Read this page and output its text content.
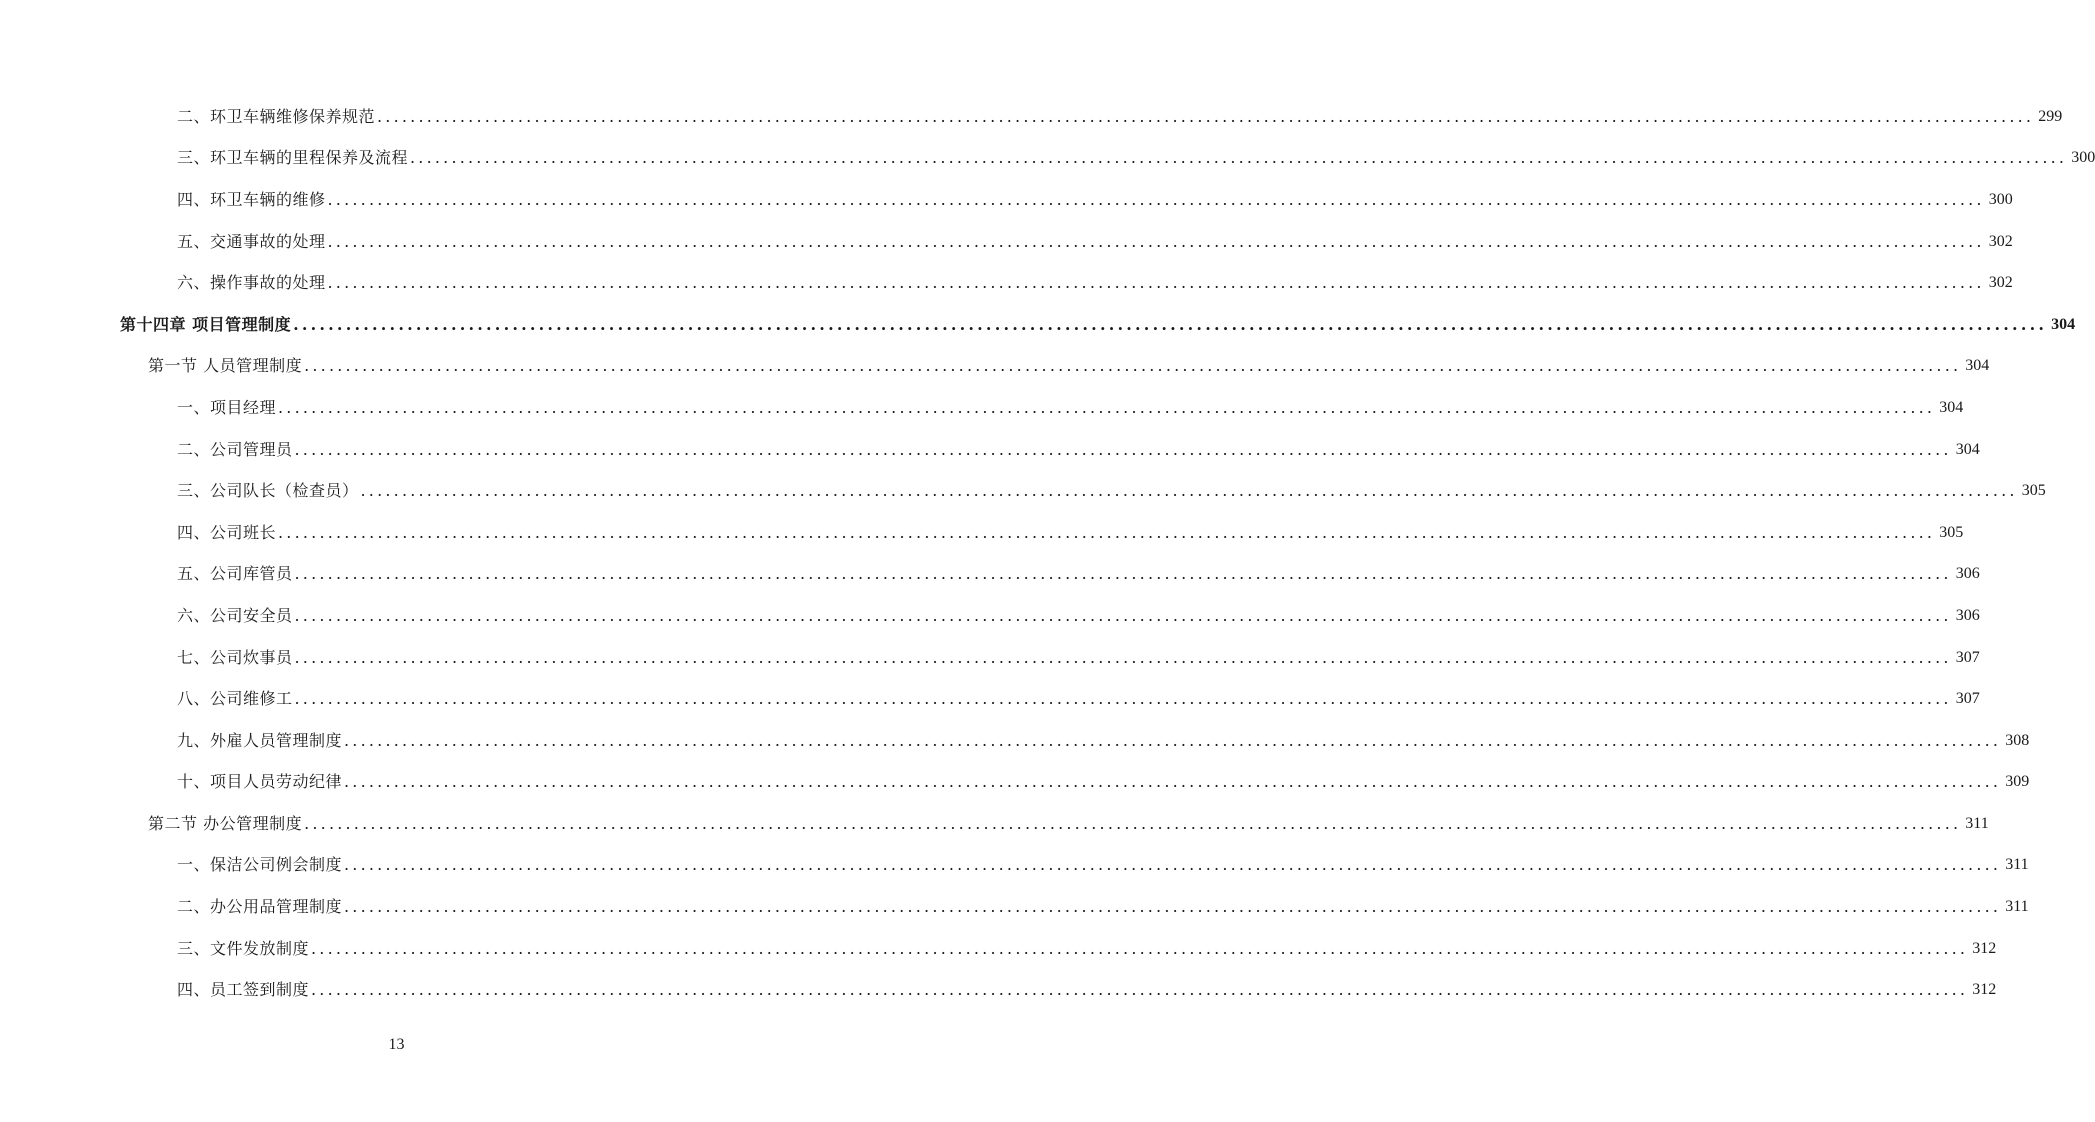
二、环卫车辆维修保养规范 ........................................................................................................................................................................................................ 299
三、环卫车辆的里程保养及流程 ........................................................................................................................................................................................................ 300
四、环卫车辆的维修 ........................................................................................................................................................................................................ 300
五、交通事故的处理 ........................................................................................................................................................................................................ 302
六、操作事故的处理 ........................................................................................................................................................................................................ 302
第十四章 项目管理制度 ........................................................................................................................................................................................................ 304
第一节 人员管理制度 ........................................................................................................................................................................................................ 304
一、项目经理 ........................................................................................................................................................................................................ 304
二、公司管理员 ........................................................................................................................................................................................................ 304
三、公司队长（检查员） ........................................................................................................................................................................................................ 305
四、公司班长 ........................................................................................................................................................................................................ 305
五、公司库管员 ........................................................................................................................................................................................................ 306
六、公司安全员 ........................................................................................................................................................................................................ 306
七、公司炊事员 ........................................................................................................................................................................................................ 307
八、公司维修工 ........................................................................................................................................................................................................ 307
九、外雇人员管理制度 ........................................................................................................................................................................................................ 308
十、项目人员劳动纪律 ........................................................................................................................................................................................................ 309
第二节 办公管理制度 ........................................................................................................................................................................................................ 311
一、保洁公司例会制度 ........................................................................................................................................................................................................ 311
二、办公用品管理制度 ........................................................................................................................................................................................................ 311
三、文件发放制度 ........................................................................................................................................................................................................ 312
四、员工签到制度 ........................................................................................................................................................................................................ 312
13
